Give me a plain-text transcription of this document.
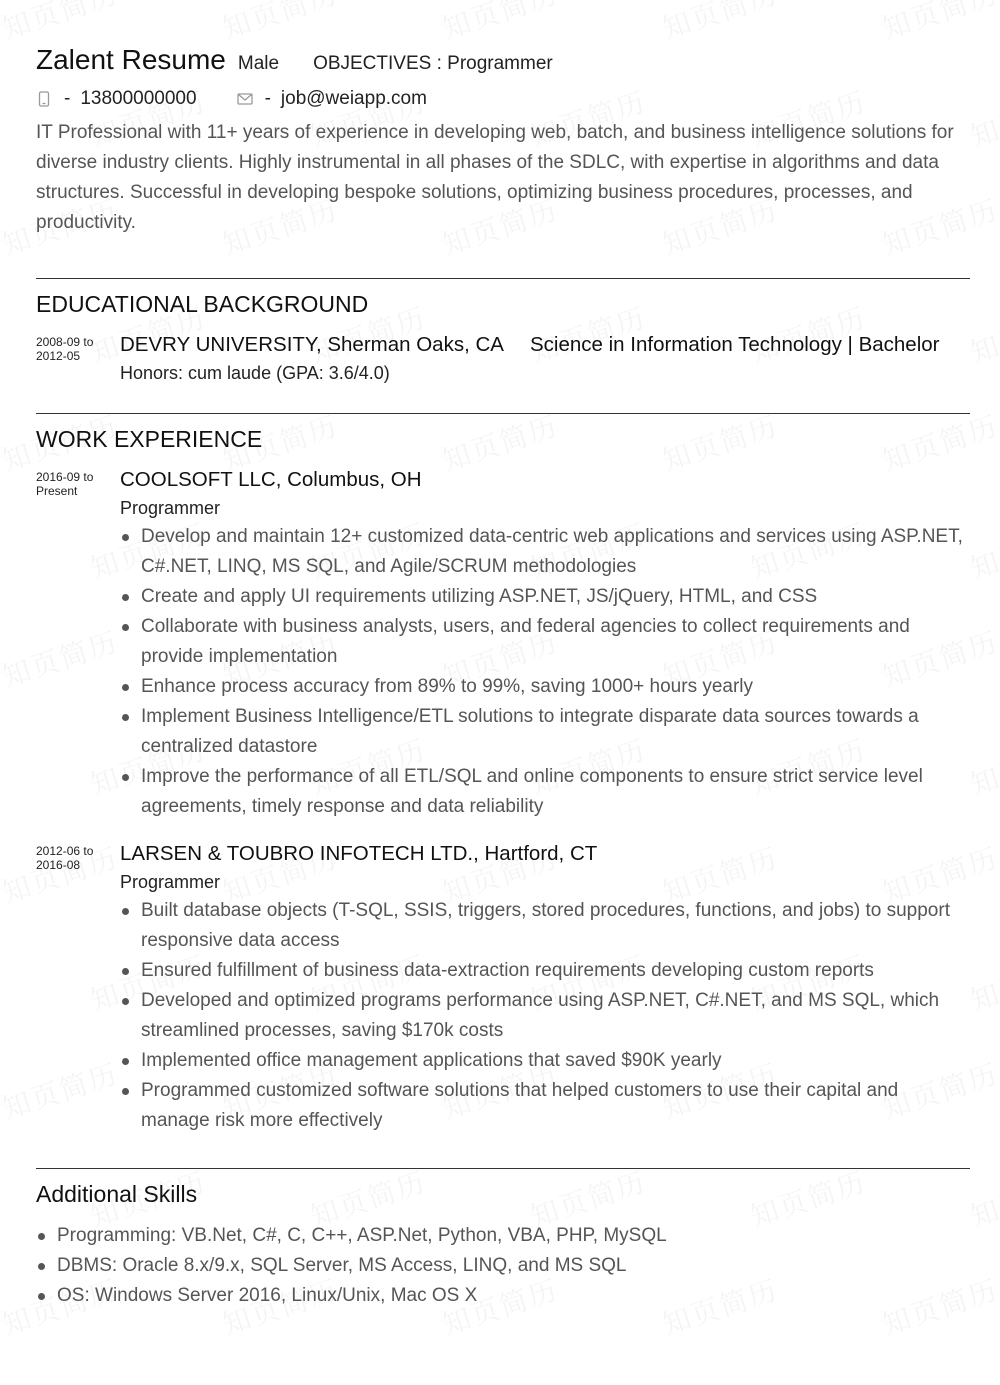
Zalent Resume Male OBJECTIVES : Programmer
- 13800000000	- job@weiapp.com

IT Professional with 11+ years of experience in developing web, batch, and business intelligence solutions for diverse industry clients. Highly instrumental in all phases of the SDLC, with expertise in algorithms and data structures. Successful in developing bespoke solutions, optimizing business procedures, processes, and productivity.

EDUCATIONAL BACKGROUND
2008-09 to
2012-05	DEVRY UNIVERSITY, Sherman Oaks, CA	Science in Information Technology | Bachelor
Honors: cum laude (GPA: 3.6/4.0)
WORK EXPERIENCE
2016-09 to
Present	COOLSOFT LLC, Columbus, OH
Programmer
Develop and maintain 12+ customized data-centric web applications and services using ASP.NET, C#.NET, LINQ, MS SQL, and Agile/SCRUM methodologies
Create and apply UI requirements utilizing ASP.NET, JS/jQuery, HTML, and CSS
Collaborate with business analysts, users, and federal agencies to collect requirements and provide implementation
Enhance process accuracy from 89% to 99%, saving 1000+ hours yearly
Implement Business Intelligence/ETL solutions to integrate disparate data sources towards a centralized datastore
Improve the performance of all ETL/SQL and online components to ensure strict service level agreements, timely response and data reliability
2012-06 to
2016-08	LARSEN & TOUBRO INFOTECH LTD., Hartford, CT
Programmer
Built database objects (T-SQL, SSIS, triggers, stored procedures, functions, and jobs) to support responsive data access
Ensured fulfillment of business data-extraction requirements developing custom reports
Developed and optimized programs performance using ASP.NET, C#.NET, and MS SQL, which streamlined processes, saving $170k costs
Implemented office management applications that saved $90K yearly
Programmed customized software solutions that helped customers to use their capital and manage risk more effectively
Additional Skills
Programming: VB.Net, C#, C, C++, ASP.Net, Python, VBA, PHP, MySQL
DBMS: Oracle 8.x/9.x, SQL Server, MS Access, LINQ, and MS SQL
OS: Windows Server 2016, Linux/Unix, Mac OS X
